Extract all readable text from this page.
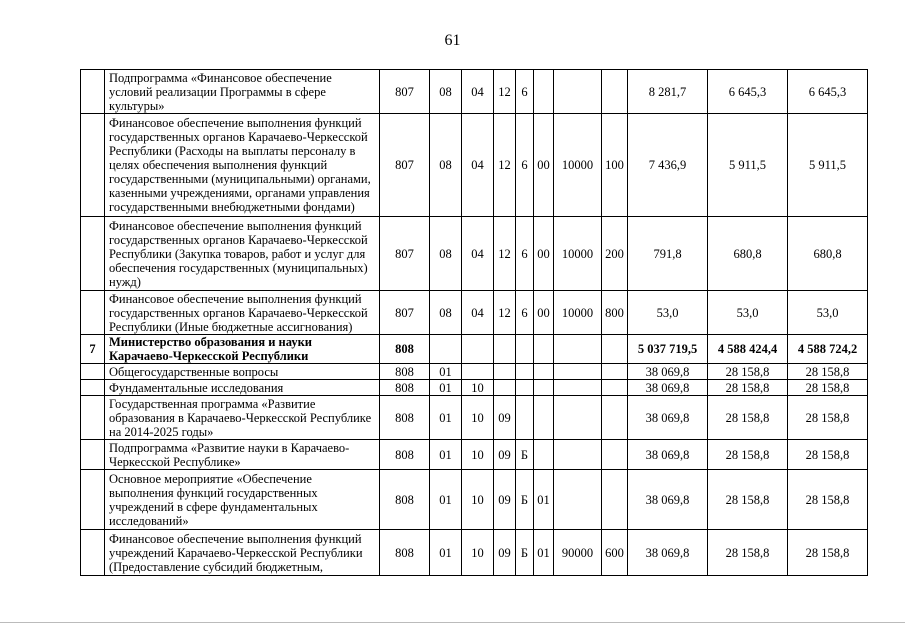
61
	Подпрограмма «Финансовое обеспечение условий реализации Программы в сфере культуры»	807	08	04	12	6				8 281,7	6 645,3	6 645,3
	Финансовое обеспечение выполнения функций государственных органов Карачаево-Черкесской Республики (Расходы на выплаты персоналу в целях обеспечения выполнения функций государственными (муниципальными) органами, казенными учреждениями, органами управления государственными внебюджетными фондами)	807	08	04	12	6	00	10000	100	7 436,9	5 911,5	5 911,5
	Финансовое обеспечение выполнения функций государственных органов Карачаево-Черкесской Республики (Закупка товаров, работ и услуг для обеспечения государственных (муниципальных) нужд)	807	08	04	12	6	00	10000	200	791,8	680,8	680,8
	Финансовое обеспечение выполнения функций государственных органов Карачаево-Черкесской Республики (Иные бюджетные ассигнования)	807	08	04	12	6	00	10000	800	53,0	53,0	53,0
7	Министерство образования и науки Карачаево-Черкесской Республики	808								5 037 719,5	4 588 424,4	4 588 724,2
	Общегосударственные вопросы	808	01							38 069,8	28 158,8	28 158,8
	Фундаментальные исследования	808	01	10						38 069,8	28 158,8	28 158,8
	Государственная программа «Развитие образования в Карачаево-Черкесской Республике на 2014-2025 годы»	808	01	10	09					38 069,8	28 158,8	28 158,8
	Подпрограмма «Развитие науки в Карачаево-Черкесской Республике»	808	01	10	09	Б				38 069,8	28 158,8	28 158,8
	Основное мероприятие «Обеспечение выполнения функций государственных учреждений в сфере фундаментальных исследований»	808	01	10	09	Б	01			38 069,8	28 158,8	28 158,8
	Финансовое обеспечение выполнения функций учреждений Карачаево-Черкесской Республики (Предоставление субсидий бюджетным,	808	01	10	09	Б	01	90000	600	38 069,8	28 158,8	28 158,8
